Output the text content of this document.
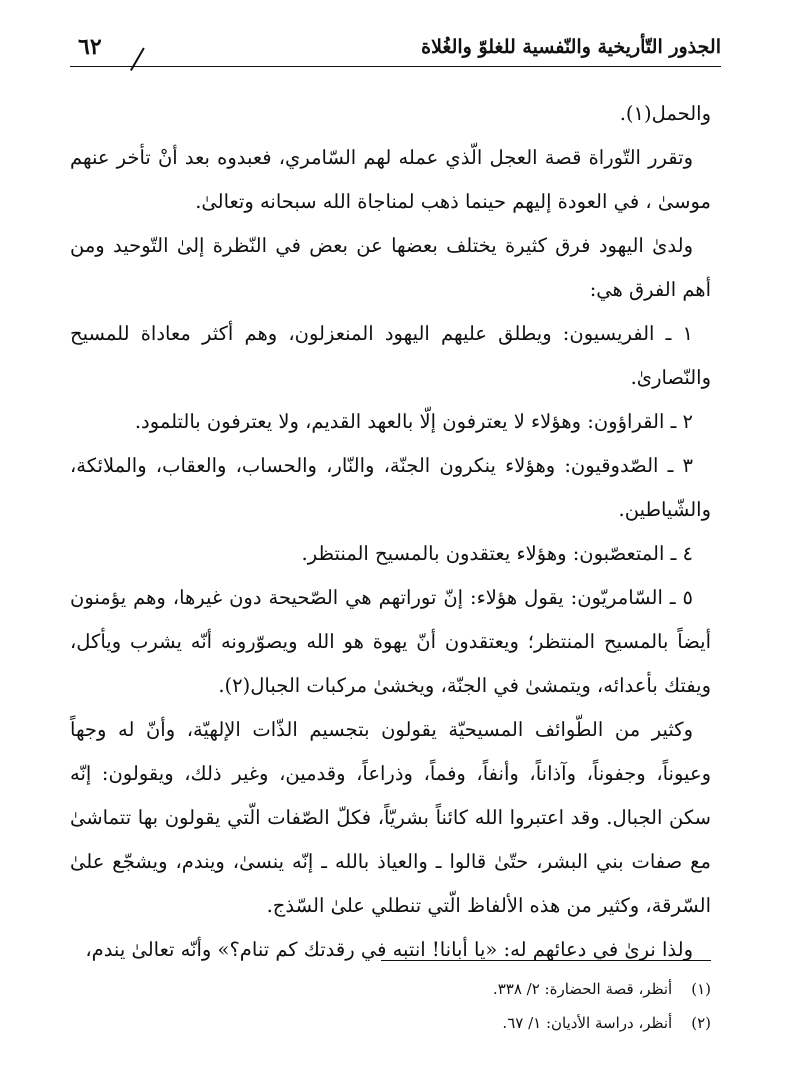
الجذور التّأريخية والنّفسية للغلوّ والغُلاة
٦٢

والحمل(١).

وتقرر التّوراة قصة العجل الّذي عمله لهم السّامري، فعبدوه بعد أنْ تأخر عنهم موسىٰ ، في العودة إليهم حينما ذهب لمناجاة الله سبحانه وتعالىٰ.

ولدىٰ اليهود فرق كثيرة يختلف بعضها عن بعض في النّظرة إلىٰ التّوحيد ومن أهم الفرق هي:

١ ـ الفريسيون: ويطلق عليهم اليهود المنعزلون، وهم أكثر معاداة للمسيح والنّصارىٰ.

٢ ـ القراؤون: وهؤلاء لا يعترفون إلّا بالعهد القديم، ولا يعترفون بالتلمود.

٣ ـ الصّدوقيون: وهؤلاء ينكرون الجنّة، والنّار، والحساب، والعقاب، والملائكة، والشّياطين.

٤ ـ المتعصّبون: وهؤلاء يعتقدون بالمسيح المنتظر.

٥ ـ السّامريّون: يقول هؤلاء: إنّ توراتهم هي الصّحيحة دون غيرها، وهم يؤمنون أيضاً بالمسيح المنتظر؛ ويعتقدون أنّ يهوة هو الله ويصوّرونه أنّه يشرب ويأكل، ويفتك بأعدائه، ويتمشىٰ في الجنّة، ويخشىٰ مركبات الجبال(٢).

وكثير من الطّوائف المسيحيّة يقولون بتجسيم الذّات الإلهيّة، وأنّ له وجهاً وعيوناً، وجفوناً، وآذاناً، وأنفاً، وفماً، وذراعاً، وقدمين، وغير ذلك، ويقولون: إنّه سكن الجبال. وقد اعتبروا الله كائناً بشريّاً، فكلّ الصّفات الّتي يقولون بها تتماشىٰ مع صفات بني البشر، حتّىٰ قالوا ـ والعياذ بالله ـ إنّه ينسىٰ، ويندم، ويشجّع علىٰ السّرقة، وكثير من هذه الألفاظ الّتي تنطلي علىٰ السّذج.

ولذا نرىٰ في دعائهم له: «يا أبانا! انتبه في رقدتك كم تنام؟» وأنّه تعالىٰ يندم،

(١) أنظر، قصة الحضارة: ٢/ ٣٣٨.
(٢) أنظر، دراسة الأديان: ١/ ٦٧.
